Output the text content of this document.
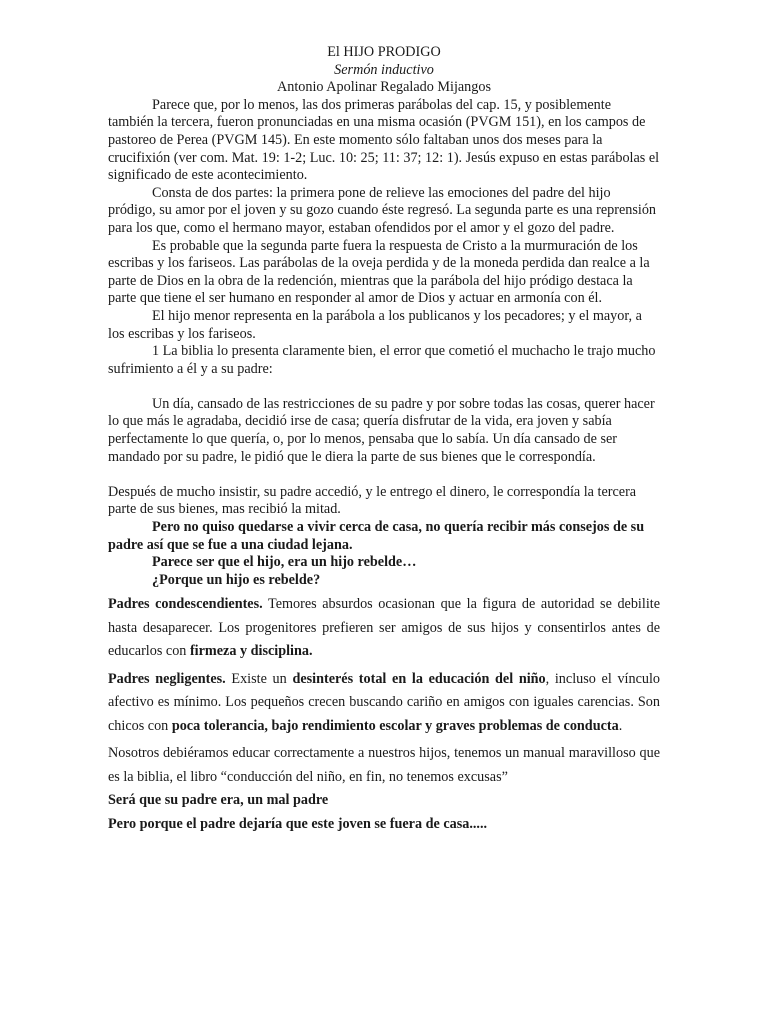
El HIJO PRODIGO

Sermón inductivo

Antonio Apolinar Regalado Mijangos

Parece que, por lo menos, las dos primeras parábolas del cap. 15, y posiblemente también la tercera, fueron pronunciadas en una misma ocasión (PVGM 151), en los campos de pastoreo de Perea (PVGM 145). En este momento sólo faltaban unos dos meses para la crucifixión (ver com. Mat. 19: 1-2; Luc. 10: 25; 11: 37; 12: 1). Jesús expuso en estas parábolas el significado de este acontecimiento.

Consta de dos partes: la primera pone de relieve las emociones del padre del hijo pródigo, su amor por el joven y su gozo cuando éste regresó. La segunda parte es una reprensión para los que, como el hermano mayor, estaban ofendidos por el amor y el gozo del padre.

Es probable que la segunda parte fuera la respuesta de Cristo a la murmuración de los escribas y los fariseos. Las parábolas de la oveja perdida y de la moneda perdida dan realce a la parte de Dios en la obra de la redención, mientras que la parábola del hijo pródigo destaca la parte que tiene el ser humano en responder al amor de Dios y actuar en armonía con él.

El hijo menor representa en la parábola a los publicanos y los pecadores; y el mayor, a los escribas y los fariseos.

1 La biblia lo presenta claramente bien, el error que cometió el muchacho le trajo mucho sufrimiento a él y a su padre:

Un día, cansado de las restricciones de su padre y por sobre todas las cosas, querer hacer lo que más le agradaba, decidió irse de casa; quería disfrutar de la vida, era joven y sabía perfectamente lo que quería, o, por lo menos, pensaba que lo sabía. Un día cansado de ser mandado por su padre, le pidió que le diera la parte de sus bienes que le correspondía.

Después de mucho insistir, su padre accedió, y le entrego el dinero, le correspondía la tercera parte de sus bienes, mas recibió la mitad.

Pero no quiso quedarse a vivir cerca de casa, no quería recibir más consejos de su padre así que se fue a una ciudad lejana.

Parece ser que el hijo, era un hijo rebelde…

¿Porque un hijo es rebelde?

Padres condescendientes. Temores absurdos ocasionan que la figura de autoridad se debilite hasta desaparecer. Los progenitores prefieren ser amigos de sus hijos y consentirlos antes de educarlos con firmeza y disciplina.

Padres negligentes. Existe un desinterés total en la educación del niño, incluso el vínculo afectivo es mínimo. Los pequeños crecen buscando cariño en amigos con iguales carencias. Son chicos con poca tolerancia, bajo rendimiento escolar y graves problemas de conducta.

Nosotros debiéramos educar correctamente a nuestros hijos, tenemos un manual maravilloso que es la biblia, el libro “conducción del niño, en fin, no tenemos excusas”

Será que su padre era, un mal padre

Pero porque el padre dejaría que este joven se fuera de casa.....
